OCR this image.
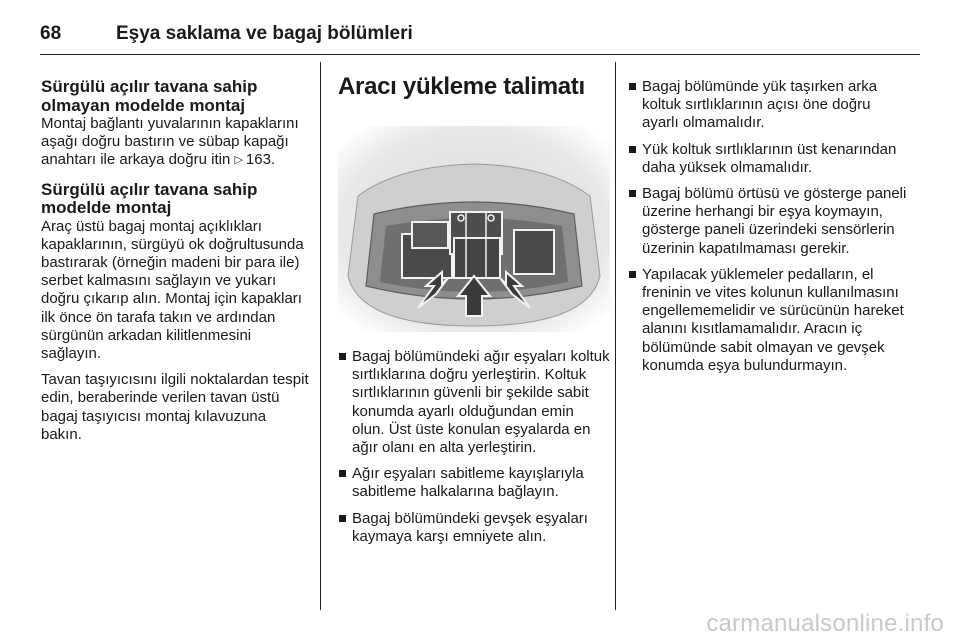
68	Eşya saklama ve bagaj bölümleri
Sürgülü açılır tavana sahip olmayan modelde montaj

Montaj bağlantı yuvalarının kapaklarını aşağı doğru bastırın ve sübap kapağı anahtarı ile arkaya doğru itin ▷ 163.

Sürgülü açılır tavana sahip modelde montaj

Araç üstü bagaj montaj açıklıkları kapaklarının, sürgüyü ok doğrultusunda bastırarak (örneğin madeni bir para ile) serbet kalmasını sağlayın ve yukarı doğru çıkarıp alın. Montaj için kapakları ilk önce ön tarafa takın ve ardından sürgünün arkadan kilitlenmesini sağlayın.

Tavan taşıyıcısını ilgili noktalardan tespit edin, beraberinde verilen tavan üstü bagaj taşıyıcısı montaj kılavuzuna bakın.

Aracı yükleme talimatı
Bagaj bölümündeki ağır eşyaları koltuk sırtlıklarına doğru yerleştirin. Koltuk sırtlıklarının güvenli bir şekilde sabit konumda ayarlı olduğundan emin olun. Üst üste konulan eşyalarda en ağır olanı en alta yerleştirin.
Ağır eşyaları sabitleme kayışlarıyla sabitleme halkalarına bağlayın.
Bagaj bölümündeki gevşek eşyaları kaymaya karşı emniyete alın.
Bagaj bölümünde yük taşırken arka koltuk sırtlıklarının açısı öne doğru ayarlı olmamalıdır.
Yük koltuk sırtlıklarının üst kenarından daha yüksek olmamalıdır.
Bagaj bölümü örtüsü ve gösterge paneli üzerine herhangi bir eşya koymayın, gösterge paneli üzerindeki sensörlerin üzerinin kapatılmaması gerekir.
Yapılacak yüklemeler pedalların, el freninin ve vites kolunun kullanılmasını engellememelidir ve sürücünün hareket alanını kısıtlamamalıdır. Aracın iç bölümünde sabit olmayan ve gevşek konumda eşya bulundurmayın.
carmanualsonline.info
